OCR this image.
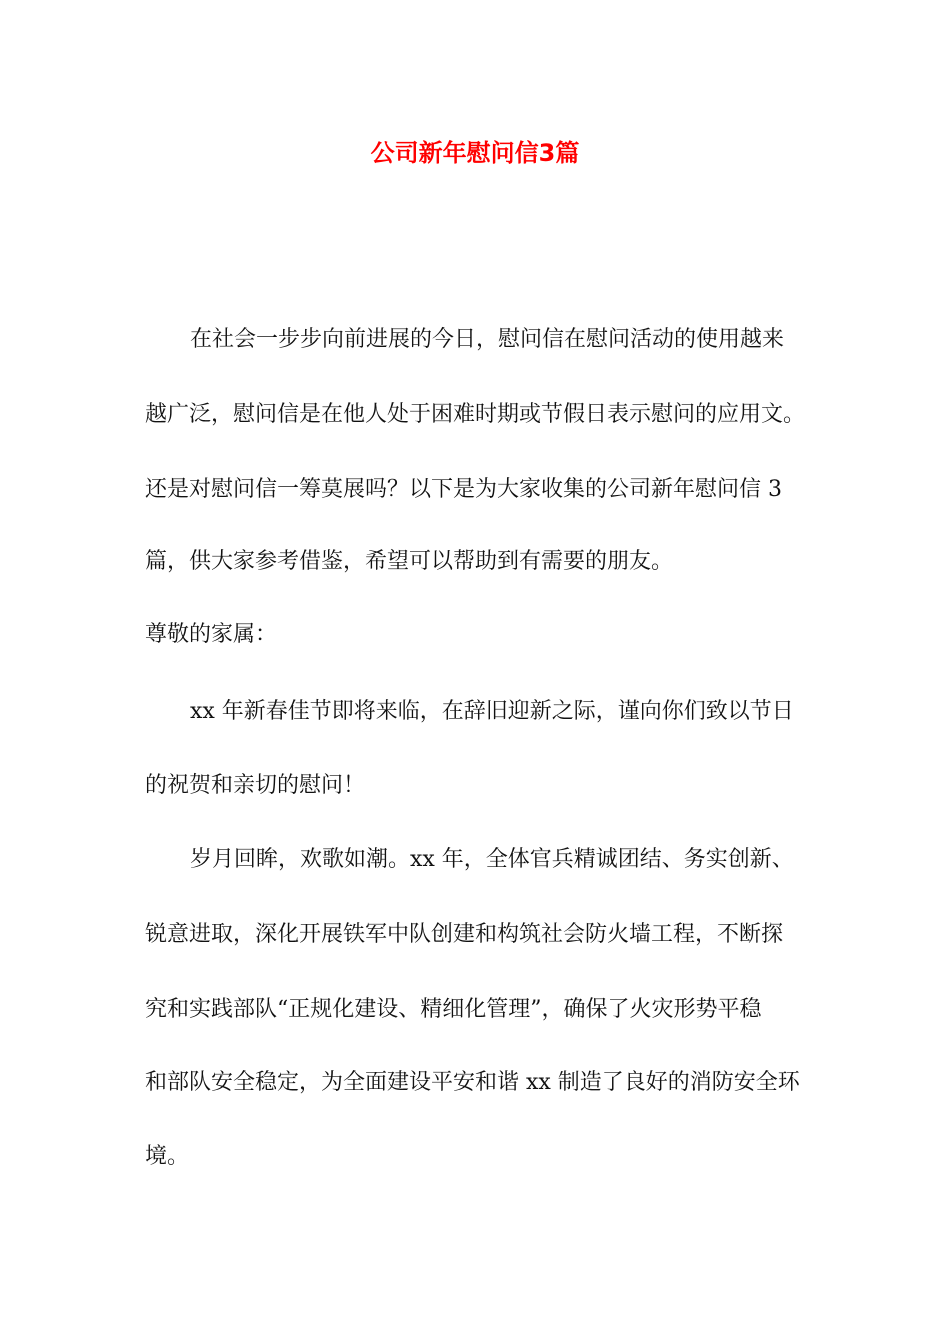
公司新年慰问信3篇

在社会一步步向前进展的今日，慰问信在慰问活动的使用越来

越广泛，慰问信是在他人处于困难时期或节假日表示慰问的应用文。

还是对慰问信一筹莫展吗？以下是为大家收集的公司新年慰问信 3

篇，供大家参考借鉴，希望可以帮助到有需要的朋友。

尊敬的家属：

xx 年新春佳节即将来临，在辞旧迎新之际，谨向你们致以节日

的祝贺和亲切的慰问！

岁月回眸，欢歌如潮。xx 年，全体官兵精诚团结、务实创新、

锐意进取，深化开展铁军中队创建和构筑社会防火墙工程，不断探

究和实践部队“正规化建设、精细化管理”，确保了火灾形势平稳

和部队安全稳定，为全面建设平安和谐 xx 制造了良好的消防安全环

境。
